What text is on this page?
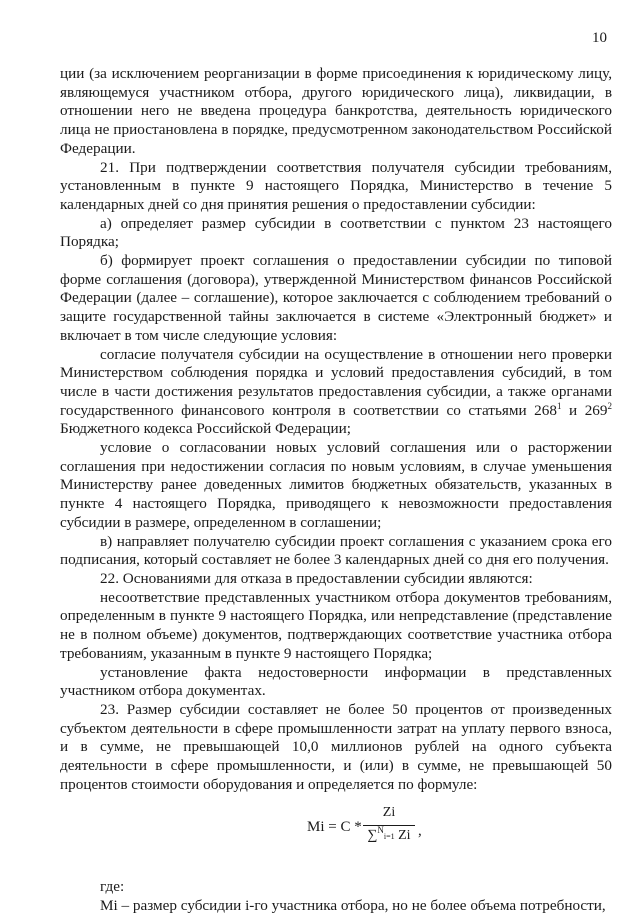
10

ции (за исключением реорганизации в форме присоединения к юридическому лицу, являющемуся участником отбора, другого юридического лица), ликвидации, в отношении него не введена процедура банкротства, деятельность юридического лица не приостановлена в порядке, предусмотренном законодательством Российской Федерации.

21. При подтверждении соответствия получателя субсидии требованиям, установленным в пункте 9 настоящего Порядка, Министерство в течение 5 календарных дней со дня принятия решения о предоставлении субсидии:

а) определяет размер субсидии в соответствии с пунктом 23 настоящего Порядка;

б) формирует проект соглашения о предоставлении субсидии по типовой форме соглашения (договора), утвержденной Министерством финансов Российской Федерации (далее – соглашение), которое заключается с соблюдением требований о защите государственной тайны заключается в системе «Электронный бюджет» и включает в том числе следующие условия:

согласие получателя субсидии на осуществление в отношении него проверки Министерством соблюдения порядка и условий предоставления субсидий, в том числе в части достижения результатов предоставления субсидии, а также органами государственного финансового контроля в соответствии со статьями $268^1$ и $269^2$ Бюджетного кодекса Российской Федерации;

условие о согласовании новых условий соглашения или о расторжении соглашения при недостижении согласия по новым условиям, в случае уменьшения Министерству ранее доведенных лимитов бюджетных обязательств, указанных в пункте 4 настоящего Порядка, приводящего к невозможности предоставления субсидии в размере, определенном в соглашении;

в) направляет получателю субсидии проект соглашения с указанием срока его подписания, который составляет не более 3 календарных дней со дня его получения.

22. Основаниями для отказа в предоставлении субсидии являются:

несоответствие представленных участником отбора документов требованиям, определенным в пункте 9 настоящего Порядка, или непредставление (представление не в полном объеме) документов, подтверждающих соответствие участника отбора требованиям, указанным в пункте 9 настоящего Порядка;

установление факта недостоверности информации в представленных участником отбора документах.

23. Размер субсидии составляет не более 50 процентов от произведенных субъектом деятельности в сфере промышленности затрат на уплату первого взноса, и в сумме, не превышающей 10,0 миллионов рублей на одного субъекта деятельности в сфере промышленности, и (или) в сумме, не превышающей 50 процентов стоимости оборудования и определяется по формуле:

Mi = C *
Zi
∑$^N$i=1 Zi ,

где:

Mi – размер субсидии i-го участника отбора, но не более объема потребности,
